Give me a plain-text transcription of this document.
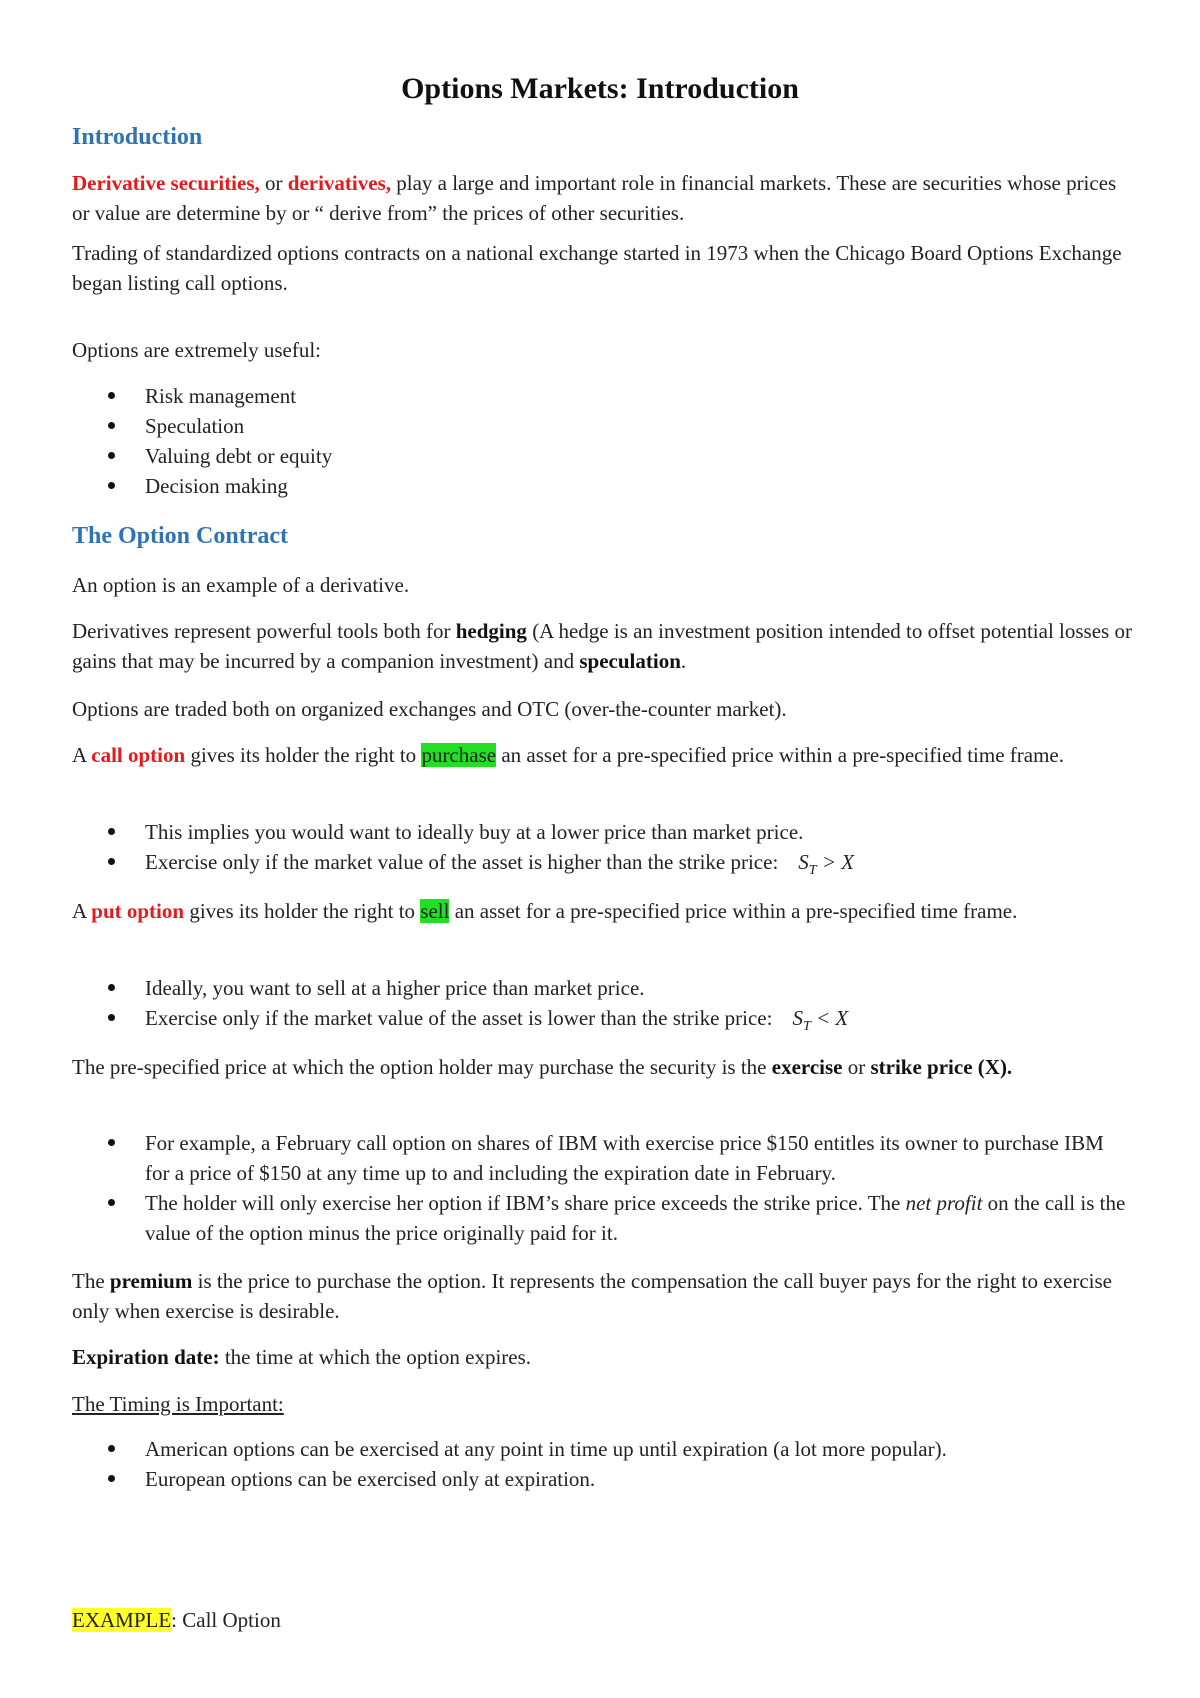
Options Markets: Introduction
Introduction
Derivative securities, or derivatives, play a large and important role in financial markets. These are securities whose prices or value are determine by or “ derive from” the prices of other securities.
Trading of standardized options contracts on a national exchange started in 1973 when the Chicago Board Options Exchange began listing call options.
Options are extremely useful:
Risk management
Speculation
Valuing debt or equity
Decision making
The Option Contract
An option is an example of a derivative.
Derivatives represent powerful tools both for hedging (A hedge is an investment position intended to offset potential losses or gains that may be incurred by a companion investment) and speculation.
Options are traded both on organized exchanges and OTC (over-the-counter market).
A call option gives its holder the right to purchase an asset for a pre-specified price within a pre-specified time frame.
This implies you would want to ideally buy at a lower price than market price.
Exercise only if the market value of the asset is higher than the strike price: $S_T > X$
A put option gives its holder the right to sell an asset for a pre-specified price within a pre-specified time frame.
Ideally, you want to sell at a higher price than market price.
Exercise only if the market value of the asset is lower than the strike price: $S_T < X$
The pre-specified price at which the option holder may purchase the security is the exercise or strike price (X).
For example, a February call option on shares of IBM with exercise price $150 entitles its owner to purchase IBM for a price of $150 at any time up to and including the expiration date in February.
The holder will only exercise her option if IBM’s share price exceeds the strike price. The net profit on the call is the value of the option minus the price originally paid for it.
The premium is the price to purchase the option. It represents the compensation the call buyer pays for the right to exercise only when exercise is desirable.
Expiration date: the time at which the option expires.
The Timing is Important:
American options can be exercised at any point in time up until expiration (a lot more popular).
European options can be exercised only at expiration.
EXAMPLE: Call Option
